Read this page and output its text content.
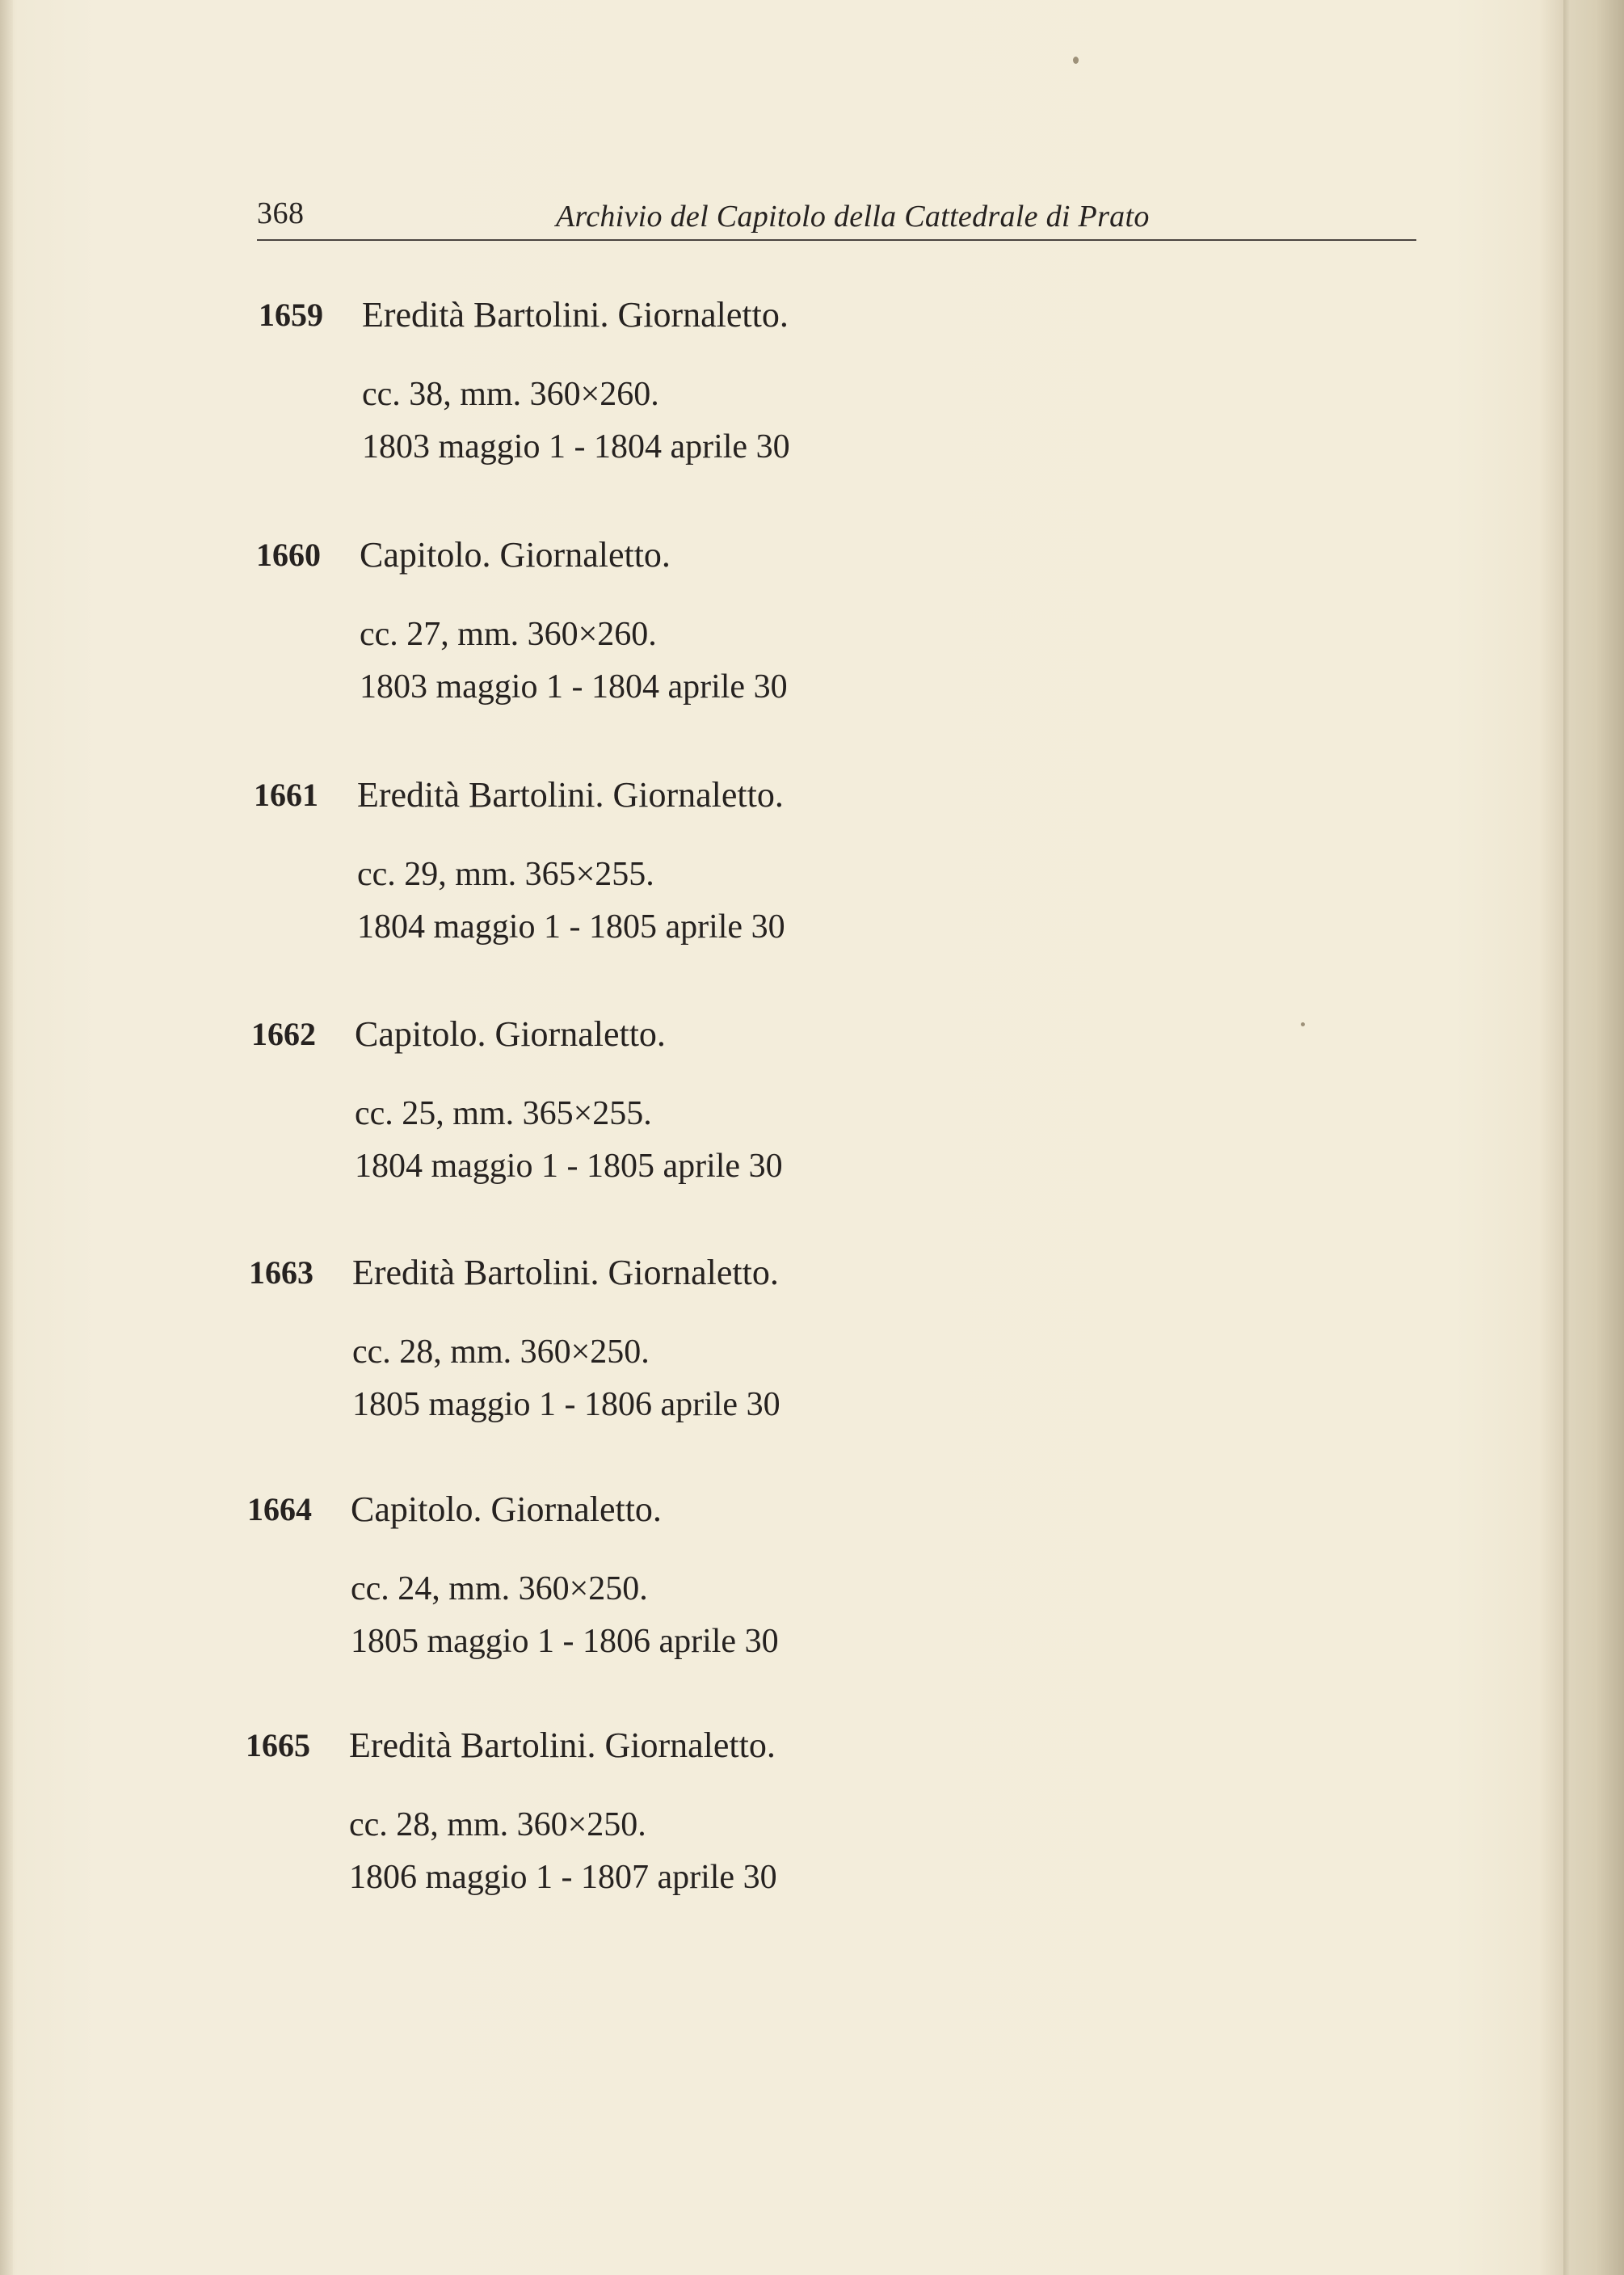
368	Archivio del Capitolo della Cattedrale di Prato
1659 Eredità Bartolini. Giornaletto.
cc. 38, mm. 360×260.
1803 maggio 1 - 1804 aprile 30
1660 Capitolo. Giornaletto.
cc. 27, mm. 360×260.
1803 maggio 1 - 1804 aprile 30
1661 Eredità Bartolini. Giornaletto.
cc. 29, mm. 365×255.
1804 maggio 1 - 1805 aprile 30
1662 Capitolo. Giornaletto.
cc. 25, mm. 365×255.
1804 maggio 1 - 1805 aprile 30
1663 Eredità Bartolini. Giornaletto.
cc. 28, mm. 360×250.
1805 maggio 1 - 1806 aprile 30
1664 Capitolo. Giornaletto.
cc. 24, mm. 360×250.
1805 maggio 1 - 1806 aprile 30
1665 Eredità Bartolini. Giornaletto.
cc. 28, mm. 360×250.
1806 maggio 1 - 1807 aprile 30
